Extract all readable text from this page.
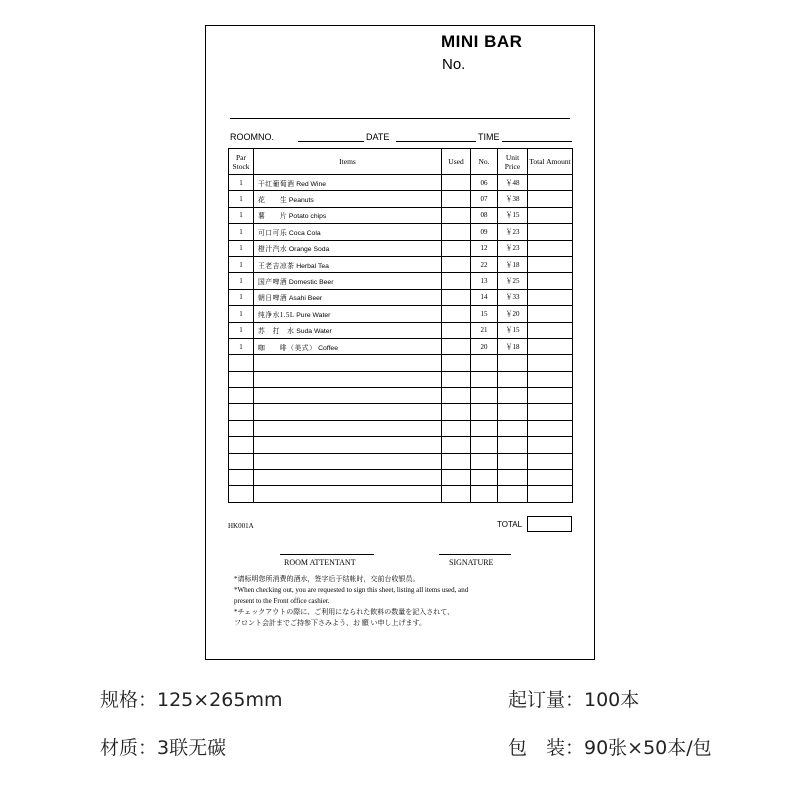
MINI BAR
No.
ROOMNO.	DATE	TIME
Par Stock	Items	Used	No.	Unit Price	Total Amount
1	干红葡萄酒 Red Wine		06	￥48	
1	花　　生 Peanuts		07	￥38	
1	薯　　片 Potato chips		08	￥15	
1	可口可乐 Coca Cola		09	￥23	
1	橙汁汽水 Orange Soda		12	￥23	
1	王老吉凉茶 Herbal Tea		22	￥18	
1	国产啤酒 Domestic Beer		13	￥25	
1	朝日啤酒 Asahi Beer		14	￥33	
1	纯净水1.5L Pure Water		15	￥20	
1	苏　打　水 Suda Water		21	￥15	
1	咖　　啡（美式） Coffee		20	￥18	

HK001A	TOTAL
ROOM ATTENTANT	SIGNATURE
*请标明您所消费的酒水，签字后于结帐时，交前台收银员。
*When checking out, you are requested to sign this sheet, listing all items used, and
present to the Front office cashier.
*チェックアウトの際に、ご利用になられた飲料の数量を記入されて、
フロント会計までご持参下さみよう、お 願 い申し上げます。
规格：125×265mm	起订量：100本
材质：3联无碳	包　装：90张×50本/包
